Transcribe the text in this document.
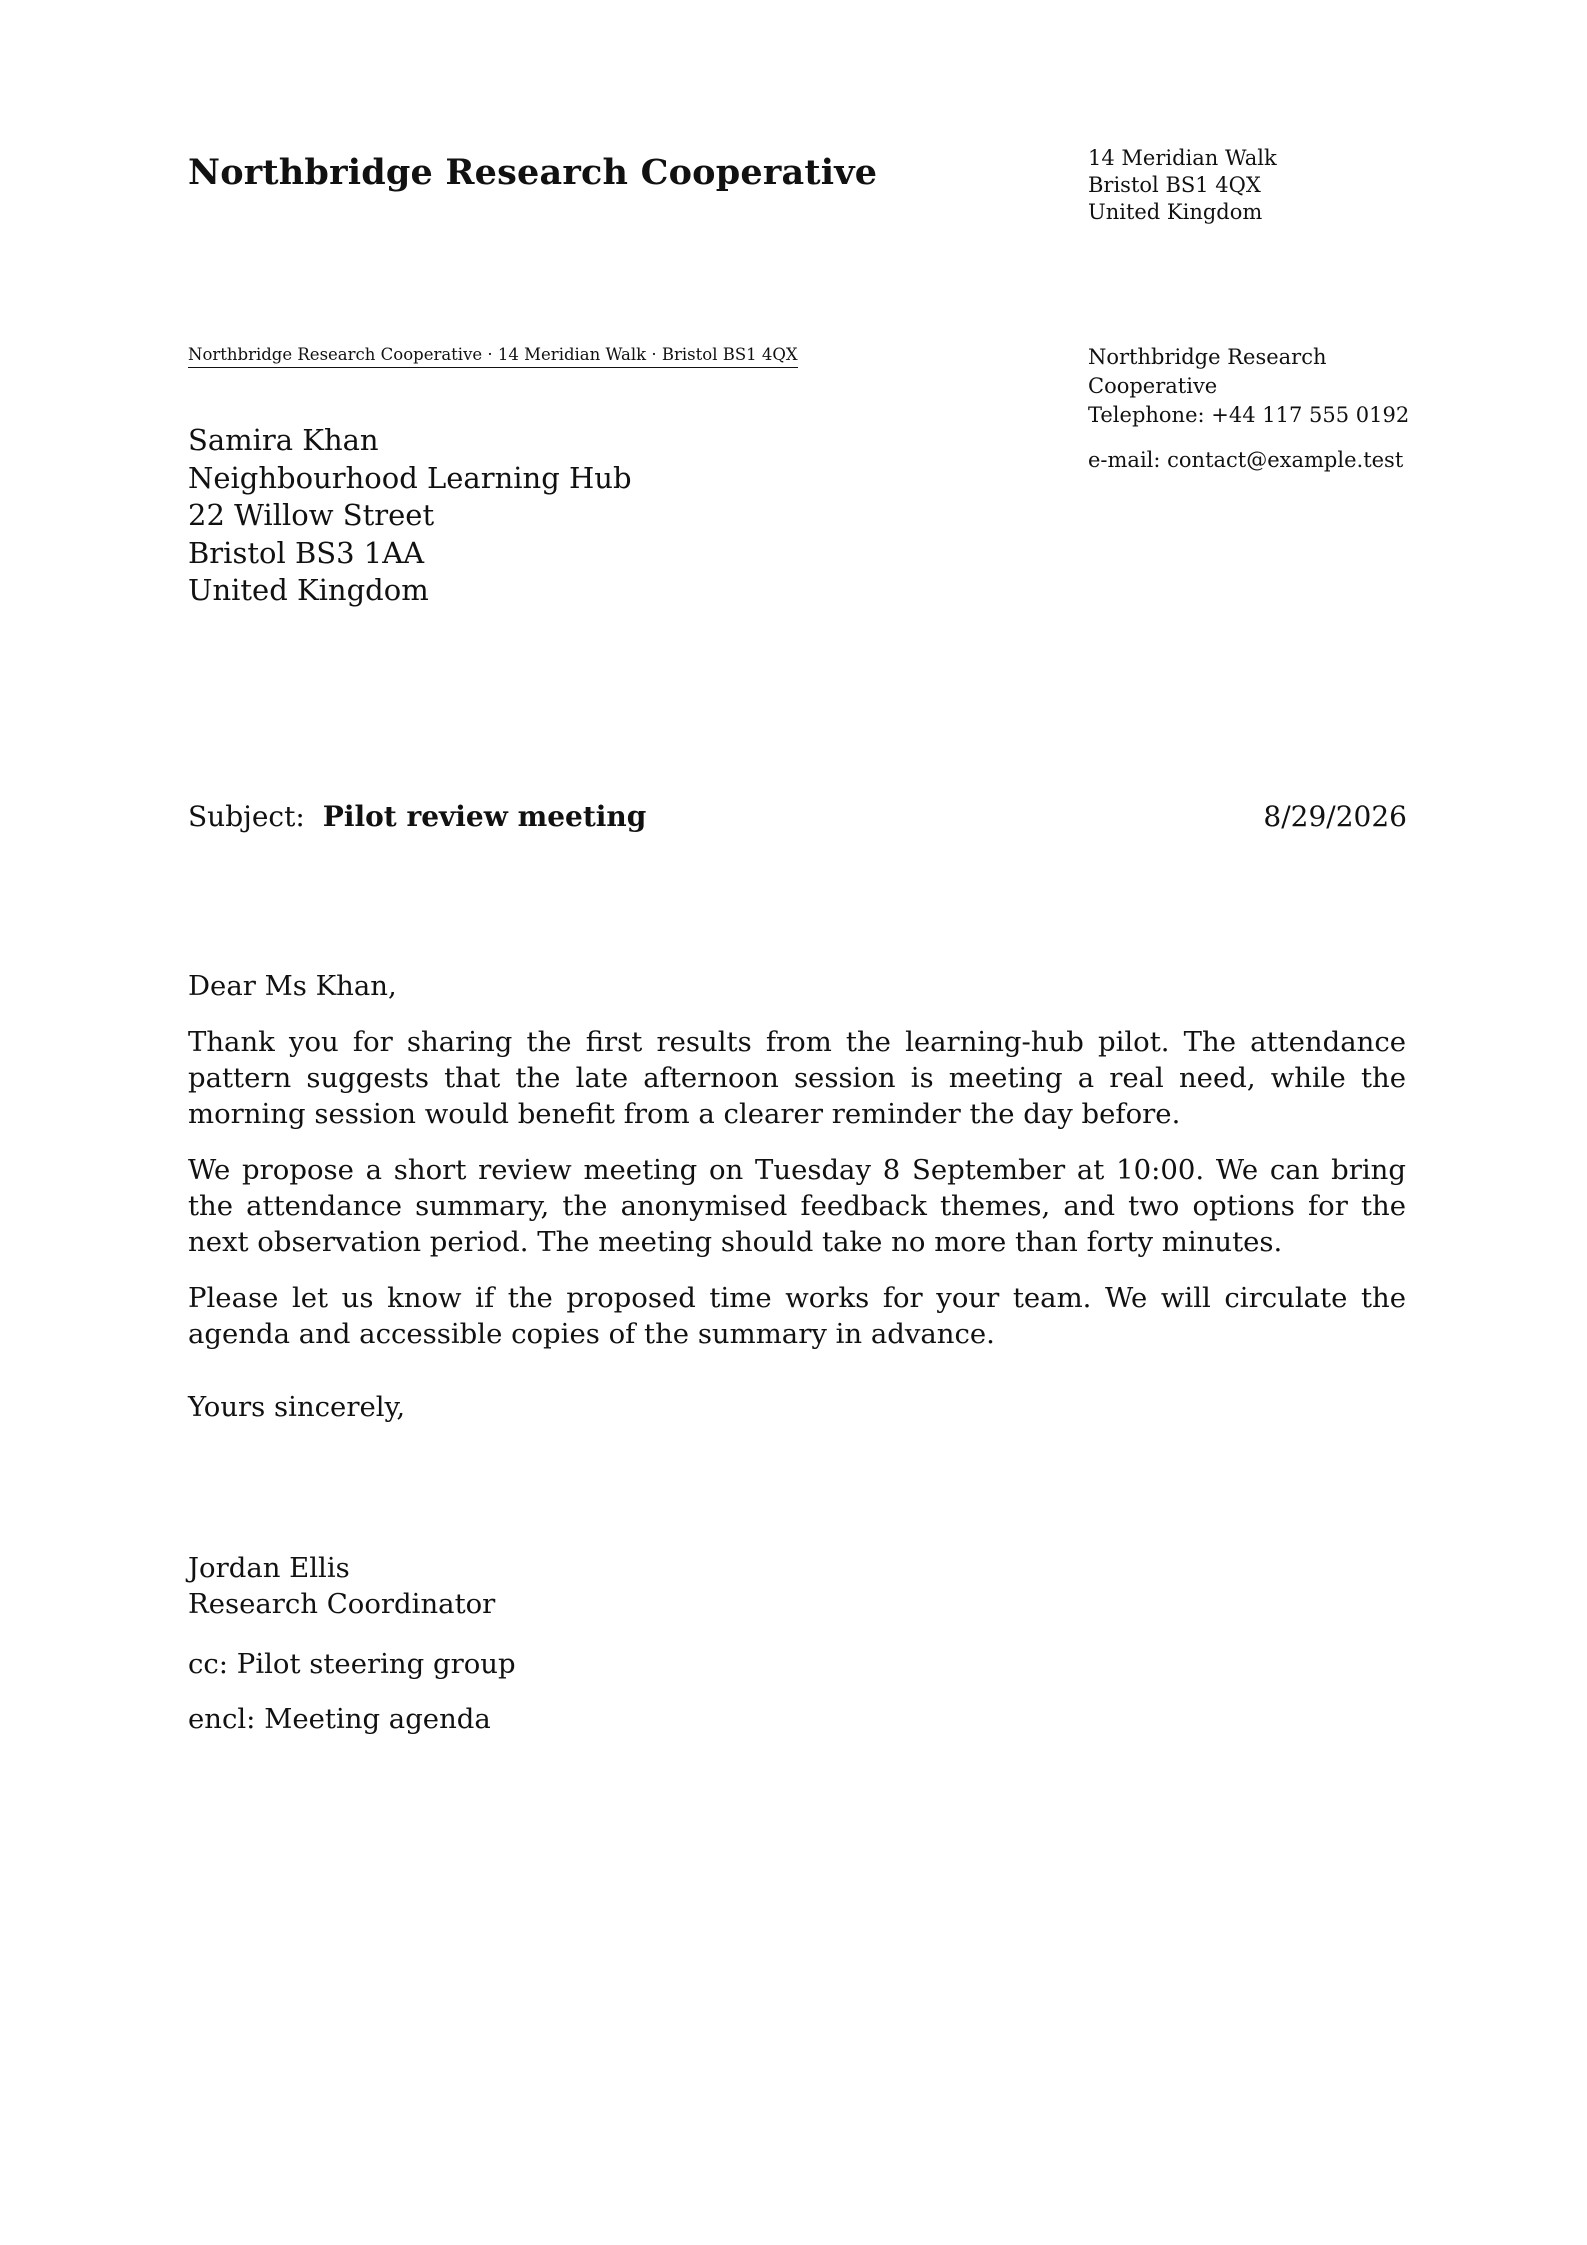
Northbridge Research Cooperative	14 Meridian Walk
Bristol BS1 4QX
United Kingdom
Northbridge Research Cooperative · 14 Meridian Walk · Bristol BS1 4QX
Samira Khan
Neighbourhood Learning Hub
22 Willow Street
Bristol BS3 1AA
United Kingdom
Northbridge Research
Cooperative
Telephone: +44 117 555 0192
e-mail: contact@example.test
Subject: Pilot review meeting	8/29/2026

Dear Ms Khan,

Thank you for sharing the first results from the learning-hub pilot. The attendance pattern suggests that the late afternoon session is meeting a real need, while the morning session would benefit from a clearer reminder the day before.

We propose a short review meeting on Tuesday 8 September at 10:00. We can bring the attendance summary, the anonymised feedback themes, and two options for the next observation period. The meeting should take no more than forty minutes.

Please let us know if the proposed time works for your team. We will circulate the agenda and accessible copies of the summary in advance.

Yours sincerely,
Jordan Ellis
Research Coordinator
cc: Pilot steering group
encl: Meeting agenda
